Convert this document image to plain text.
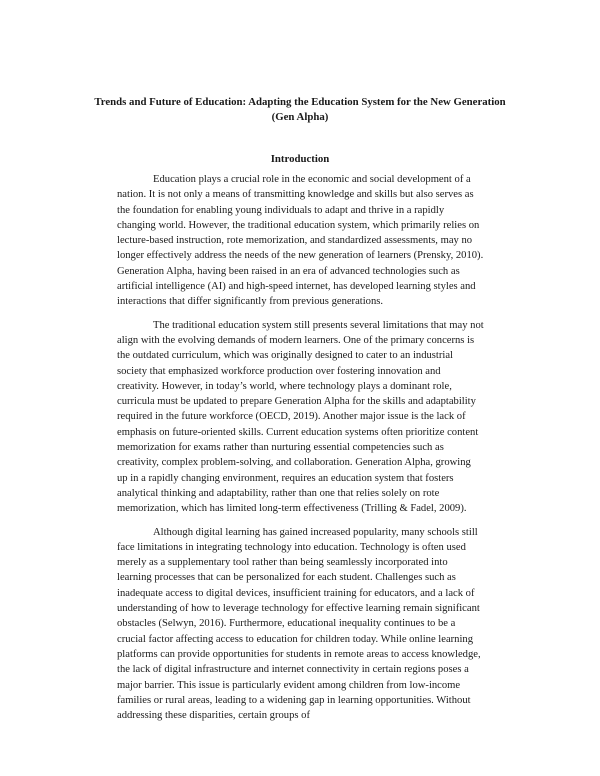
Trends and Future of Education: Adapting the Education System for the New Generation (Gen Alpha)
Introduction

Education plays a crucial role in the economic and social development of a nation. It is not only a means of transmitting knowledge and skills but also serves as the foundation for enabling young individuals to adapt and thrive in a rapidly changing world. However, the traditional education system, which primarily relies on lecture-based instruction, rote memorization, and standardized assessments, may no longer effectively address the needs of the new generation of learners (Prensky, 2010). Generation Alpha, having been raised in an era of advanced technologies such as artificial intelligence (AI) and high-speed internet, has developed learning styles and interactions that differ significantly from previous generations.

The traditional education system still presents several limitations that may not align with the evolving demands of modern learners. One of the primary concerns is the outdated curriculum, which was originally designed to cater to an industrial society that emphasized workforce production over fostering innovation and creativity. However, in today’s world, where technology plays a dominant role, curricula must be updated to prepare Generation Alpha for the skills and adaptability required in the future workforce (OECD, 2019). Another major issue is the lack of emphasis on future-oriented skills. Current education systems often prioritize content memorization for exams rather than nurturing essential competencies such as creativity, complex problem-solving, and collaboration. Generation Alpha, growing up in a rapidly changing environment, requires an education system that fosters analytical thinking and adaptability, rather than one that relies solely on rote memorization, which has limited long-term effectiveness (Trilling & Fadel, 2009).

Although digital learning has gained increased popularity, many schools still face limitations in integrating technology into education. Technology is often used merely as a supplementary tool rather than being seamlessly incorporated into learning processes that can be personalized for each student. Challenges such as inadequate access to digital devices, insufficient training for educators, and a lack of understanding of how to leverage technology for effective learning remain significant obstacles (Selwyn, 2016). Furthermore, educational inequality continues to be a crucial factor affecting access to education for children today. While online learning platforms can provide opportunities for students in remote areas to access knowledge, the lack of digital infrastructure and internet connectivity in certain regions poses a major barrier. This issue is particularly evident among children from low-income families or rural areas, leading to a widening gap in learning opportunities. Without addressing these disparities, certain groups of
